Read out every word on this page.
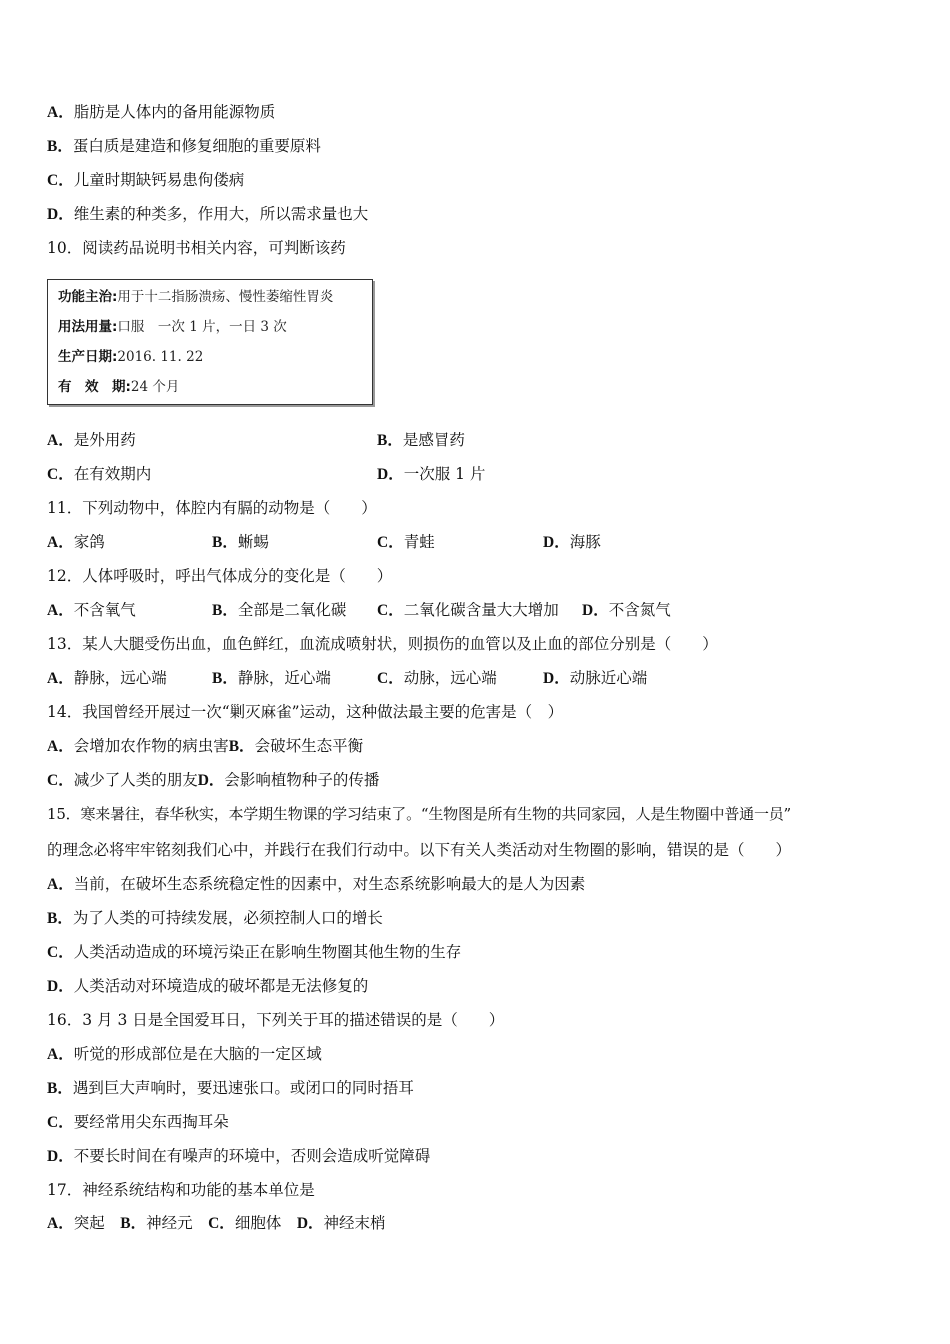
A．脂肪是人体内的备用能源物质
B．蛋白质是建造和修复细胞的重要原料
C．儿童时期缺钙易患佝偻病
D．维生素的种类多，作用大，所以需求量也大
10．阅读药品说明书相关内容，可判断该药
功能主治:用于十二指肠溃疡、慢性萎缩性胃炎
用法用量:口服　一次 1 片，一日 3 次
生产日期:2016. 11. 22
有　效　期:24 个月
A．是外用药	B．是感冒药
C．在有效期内	D．一次服 1 片
11．下列动物中，体腔内有膈的动物是（　　）
A．家鸽	B．蜥蜴	C．青蛙	D．海豚
12．人体呼吸时，呼出气体成分的变化是（　　）
A．不含氧气	B．全部是二氧化碳 C．二氧化碳含量大大增加 D．不含氮气
13．某人大腿受伤出血，血色鲜红，血流成喷射状，则损伤的血管以及止血的部位分别是（　　）
A．静脉，远心端	B．静脉，近心端	C．动脉，远心端	D．动脉近心端
14．我国曾经开展过一次“剿灭麻雀”运动，这种做法最主要的危害是（　）
A．会增加农作物的病虫害B．会破坏生态平衡
C．减少了人类的朋友D．会影响植物种子的传播
15．寒来暑往，春华秋实，本学期生物课的学习结束了。“生物图是所有生物的共同家园，人是生物圈中普通一员”
的理念必将牢牢铭刻我们心中，并践行在我们行动中。以下有关人类活动对生物圈的影响，错误的是（　　）
A．当前，在破坏生态系统稳定性的因素中，对生态系统影响最大的是人为因素
B．为了人类的可持续发展，必须控制人口的增长
C．人类活动造成的环境污染正在影响生物圈其他生物的生存
D．人类活动对环境造成的破坏都是无法修复的
16．3 月 3 日是全国爱耳日，下列关于耳的描述错误的是（　　）
A．听觉的形成部位是在大脑的一定区域
B．遇到巨大声响时，要迅速张口。或闭口的同时捂耳
C．要经常用尖东西掏耳朵
D．不要长时间在有噪声的环境中，否则会造成听觉障碍
17．神经系统结构和功能的基本单位是
A．突起　 B．神经元　 C．细胞体　 D．神经末梢
